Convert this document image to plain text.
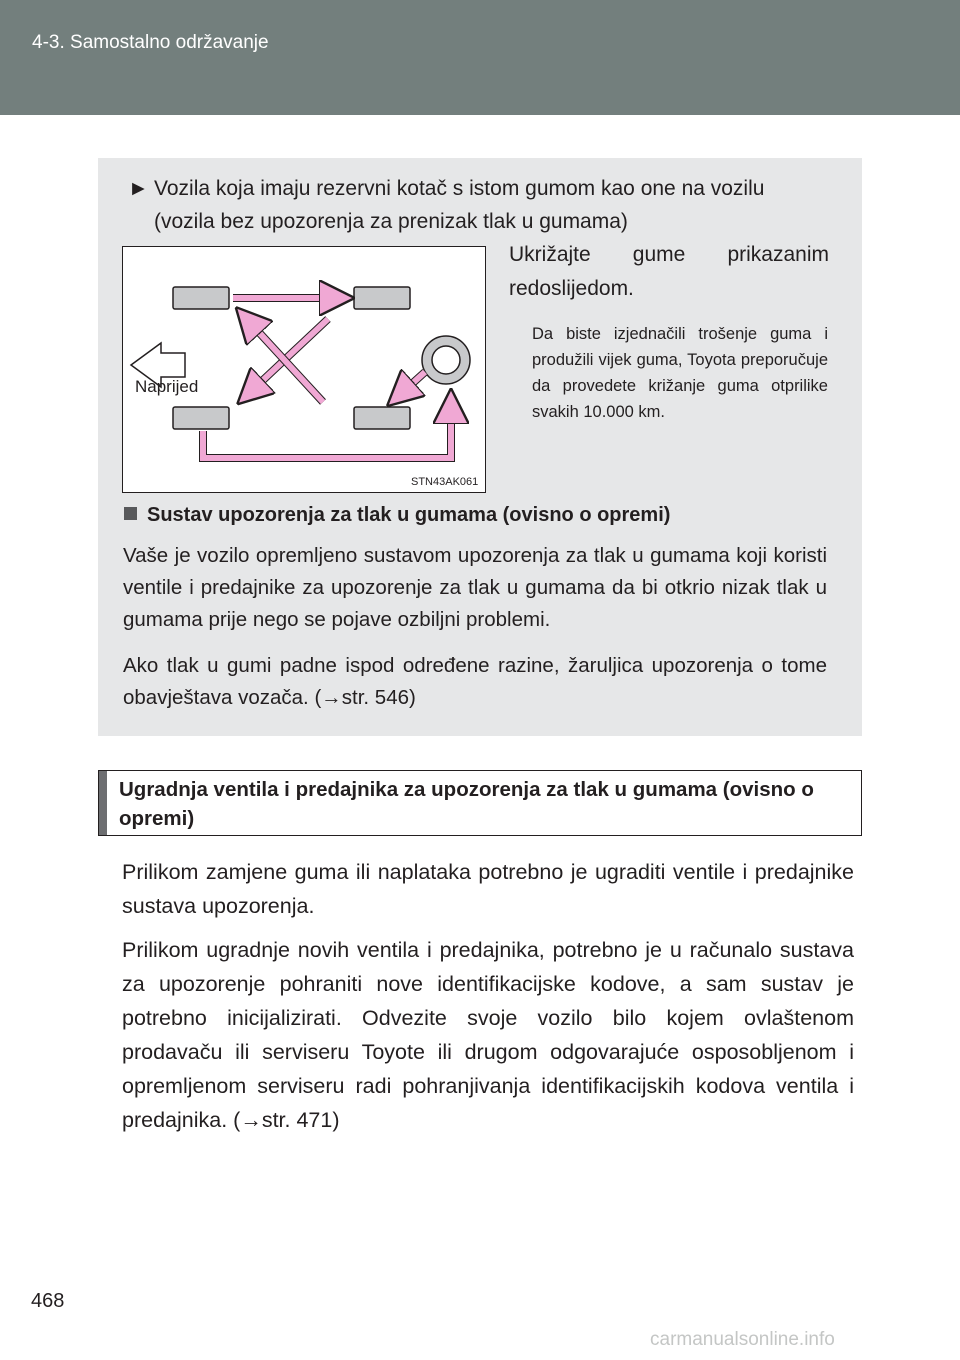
4-3. Samostalno održavanje
► Vozila koja imaju rezervni kotač s istom gumom kao one na vozilu (vozila bez upozorenja za prenizak tlak u gumama)
Naprijed
STN43AK061
Ukrižajte gume prikazanim redoslijedom.
Da biste izjednačili trošenje guma i produžili vijek guma, Toyota preporučuje da provedete križanje guma otprilike svakih 10.000 km.
Sustav upozorenja za tlak u gumama (ovisno o opremi)
Vaše je vozilo opremljeno sustavom upozorenja za tlak u gumama koji koristi ventile i predajnike za upozorenje za tlak u gumama da bi otkrio nizak tlak u gumama prije nego se pojave ozbiljni problemi.
Ako tlak u gumi padne ispod određene razine, žaruljica upozorenja o tome obavještava vozača. (→str. 546)
Ugradnja ventila i predajnika za upozorenja za tlak u gumama (ovisno o opremi)
Prilikom zamjene guma ili naplataka potrebno je ugraditi ventile i predajnike sustava upozorenja.
Prilikom ugradnje novih ventila i predajnika, potrebno je u računalo sustava za upozorenje pohraniti nove identifikacijske kodove, a sam sustav je potrebno inicijalizirati. Odvezite svoje vozilo bilo kojem ovlaštenom prodavaču ili serviseru Toyote ili drugom odgovarajuće osposobljenom i opremljenom serviseru radi pohranjivanja identifikacijskih kodova ventila i predajnika. (→str. 471)
468
carmanualsonline.info
